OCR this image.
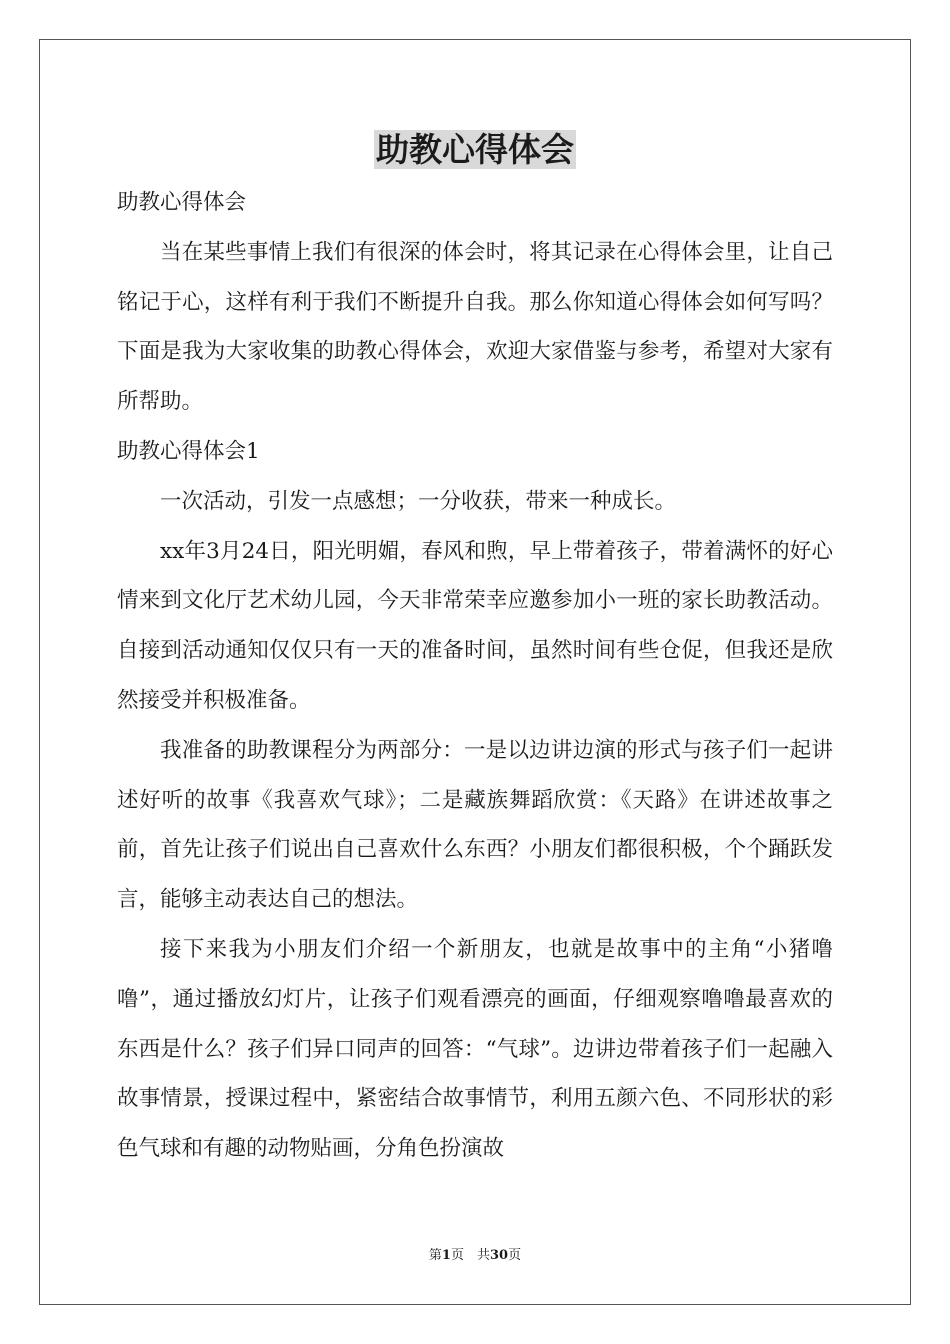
助教心得体会

助教心得体会

当在某些事情上我们有很深的体会时，将其记录在心得体会里，让自己铭记于心，这样有利于我们不断提升自我。那么你知道心得体会如何写吗？下面是我为大家收集的助教心得体会，欢迎大家借鉴与参考，希望对大家有所帮助。

助教心得体会1

一次活动，引发一点感想；一分收获，带来一种成长。

xx年3月24日，阳光明媚，春风和煦，早上带着孩子，带着满怀的好心情来到文化厅艺术幼儿园，今天非常荣幸应邀参加小一班的家长助教活动。自接到活动通知仅仅只有一天的准备时间，虽然时间有些仓促，但我还是欣然接受并积极准备。

我准备的助教课程分为两部分：一是以边讲边演的形式与孩子们一起讲述好听的故事《我喜欢气球》；二是藏族舞蹈欣赏：《天路》在讲述故事之前，首先让孩子们说出自己喜欢什么东西？小朋友们都很积极，个个踊跃发言，能够主动表达自己的想法。

接下来我为小朋友们介绍一个新朋友，也就是故事中的主角“小猪噜噜”，通过播放幻灯片，让孩子们观看漂亮的画面，仔细观察噜噜最喜欢的东西是什么？孩子们异口同声的回答：“气球”。边讲边带着孩子们一起融入故事情景，授课过程中，紧密结合故事情节，利用五颜六色、不同形状的彩色气球和有趣的动物贴画，分角色扮演故

第1页　共30页
